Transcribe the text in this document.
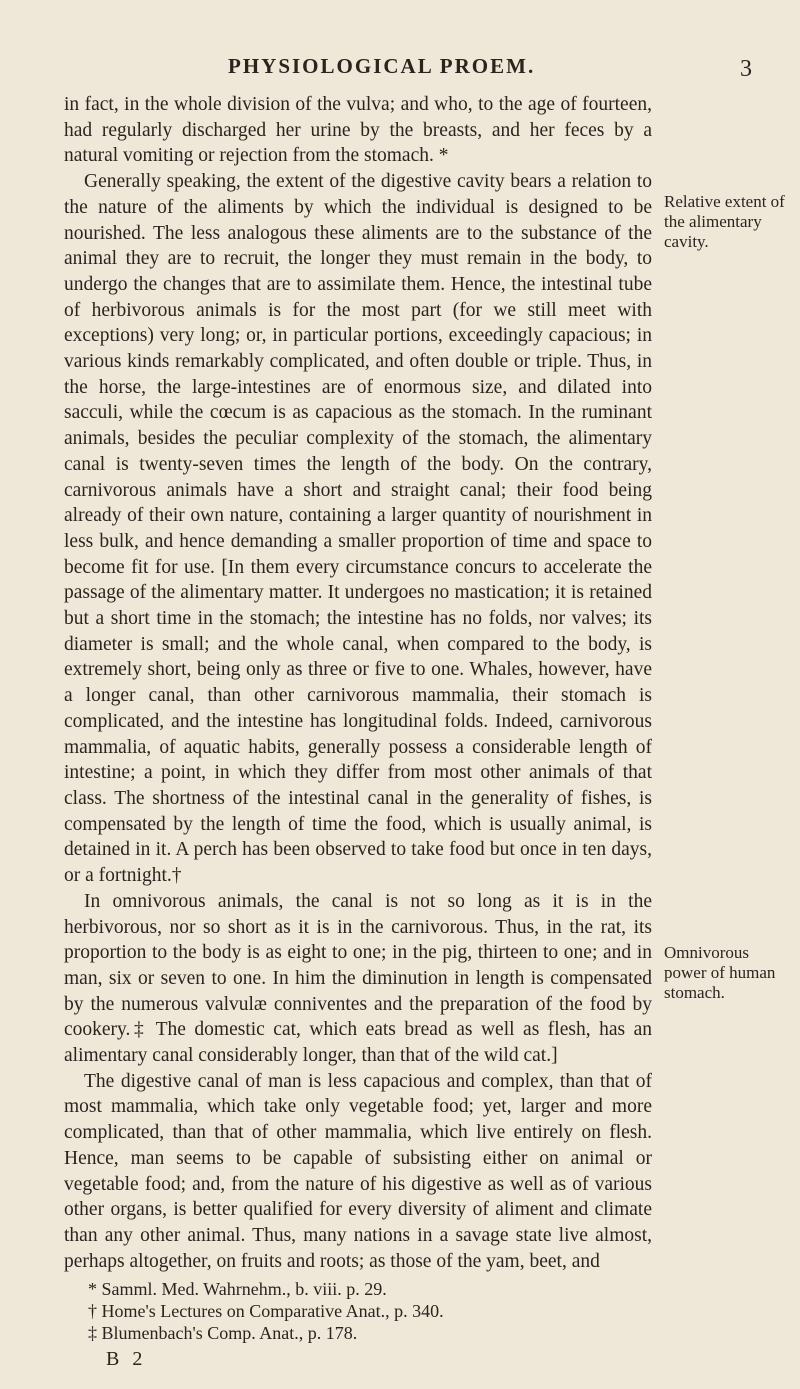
PHYSIOLOGICAL PROEM.	3

in fact, in the whole division of the vulva; and who, to the age of fourteen, had regularly discharged her urine by the breasts, and her feces by a natural vomiting or rejection from the stomach. *

Generally speaking, the extent of the digestive cavity bears a relation to the nature of the aliments by which the individual is designed to be nourished. The less analogous these aliments are to the substance of the animal they are to recruit, the longer they must remain in the body, to undergo the changes that are to assimilate them. Hence, the intestinal tube of herbivorous animals is for the most part (for we still meet with exceptions) very long; or, in particular portions, exceedingly capacious; in various kinds remarkably complicated, and often double or triple. Thus, in the horse, the large-intestines are of enormous size, and dilated into sacculi, while the cœcum is as capacious as the stomach. In the ruminant animals, besides the peculiar complexity of the stomach, the alimentary canal is twenty-seven times the length of the body. On the contrary, carnivorous animals have a short and straight canal; their food being already of their own nature, containing a larger quantity of nourishment in less bulk, and hence demanding a smaller proportion of time and space to become fit for use. [In them every circumstance concurs to accelerate the passage of the alimentary matter. It undergoes no mastication; it is retained but a short time in the stomach; the intestine has no folds, nor valves; its diameter is small; and the whole canal, when compared to the body, is extremely short, being only as three or five to one. Whales, however, have a longer canal, than other carnivorous mammalia, their stomach is complicated, and the intestine has longitudinal folds. Indeed, carnivorous mammalia, of aquatic habits, generally possess a considerable length of intestine; a point, in which they differ from most other animals of that class. The shortness of the intestinal canal in the generality of fishes, is compensated by the length of time the food, which is usually animal, is detained in it. A perch has been observed to take food but once in ten days, or a fortnight.†

In omnivorous animals, the canal is not so long as it is in the herbivorous, nor so short as it is in the carnivorous. Thus, in the rat, its proportion to the body is as eight to one; in the pig, thirteen to one; and in man, six or seven to one. In him the diminution in length is compensated by the numerous valvulæ conniventes and the preparation of the food by cookery.‡ The domestic cat, which eats bread as well as flesh, has an alimentary canal considerably longer, than that of the wild cat.]

The digestive canal of man is less capacious and complex, than that of most mammalia, which take only vegetable food; yet, larger and more complicated, than that of other mammalia, which live entirely on flesh. Hence, man seems to be capable of subsisting either on animal or vegetable food; and, from the nature of his digestive as well as of various other organs, is better qualified for every diversity of aliment and climate than any other animal. Thus, many nations in a savage state live almost, perhaps altogether, on fruits and roots; as those of the yam, beet, and

Relative extent of the alimentary cavity.
Omnivorous power of human stomach.
* Samml. Med. Wahrnehm., b. viii. p. 29.
† Home's Lectures on Comparative Anat., p. 340.
‡ Blumenbach's Comp. Anat., p. 178.
B 2
